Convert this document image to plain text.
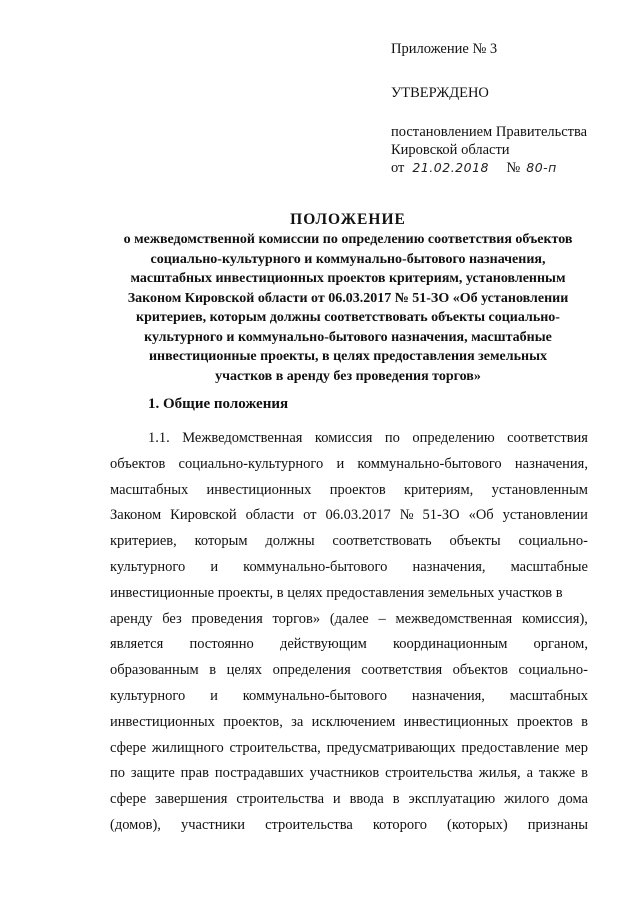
Приложение № 3
УТВЕРЖДЕНО
постановлением Правительства
Кировской области
от 21.02.2018 № 80-п
ПОЛОЖЕНИЕ
о межведомственной комиссии по определению соответствия объектов
социально-культурного и коммунально-бытового назначения,
масштабных инвестиционных проектов критериям, установленным
Законом Кировской области от 06.03.2017 № 51-ЗО «Об установлении
критериев, которым должны соответствовать объекты социально-
культурного и коммунально-бытового назначения, масштабные
инвестиционные проекты, в целях предоставления земельных
участков в аренду без проведения торгов»
1. Общие положения
1.1. Межведомственная комиссия по определению соответствия
объектов социально-культурного и коммунально-бытового назначения,
масштабных инвестиционных проектов критериям, установленным
Законом Кировской области от 06.03.2017 № 51-ЗО «Об установлении
критериев, которым должны соответствовать объекты социально-
культурного и коммунально-бытового назначения, масштабные
инвестиционные проекты, в целях предоставления земельных участков в
аренду без проведения торгов» (далее – межведомственная комиссия),
является постоянно действующим координационным органом,
образованным в целях определения соответствия объектов социально-
культурного и коммунально-бытового назначения, масштабных
инвестиционных проектов, за исключением инвестиционных проектов в
сфере жилищного строительства, предусматривающих предоставление мер
по защите прав пострадавших участников строительства жилья, а также в
сфере завершения строительства и ввода в эксплуатацию жилого дома
(домов), участники строительства которого (которых) признаны
